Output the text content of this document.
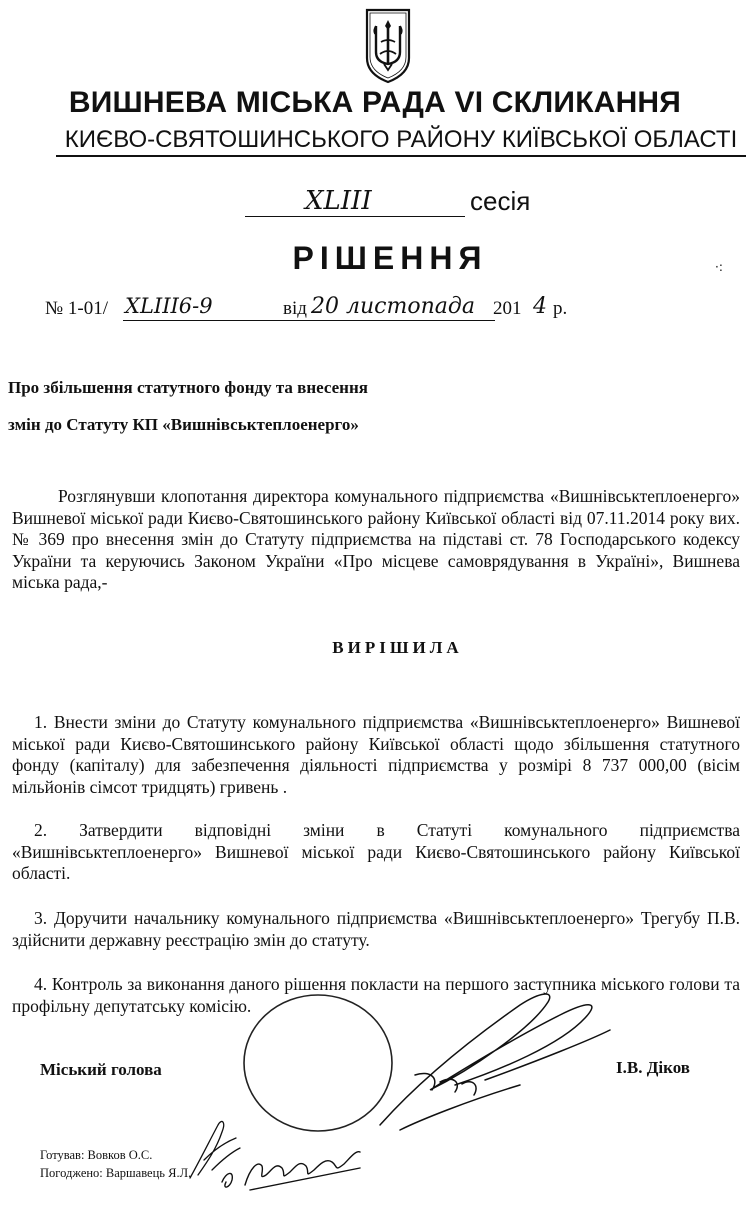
ВИШНЕВА МІСЬКА РАДА VI СКЛИКАННЯ
КИЄВО-СВЯТОШИНСЬКОГО РАЙОНУ КИЇВСЬКОЇ ОБЛАСТІ
XLIII	сесія
РІШЕННЯ	·:
№ 1-01/ XLIII6-9	від 20 листопада 201 4 р.
Про збільшення статутного фонду та внесення
змін до Статуту КП «Вишнівськтеплоенерго»

Розглянувши клопотання директора комунального підприємства «Вишнівськтеплоенерго» Вишневої міської ради Києво-Святошинського району Київської області від 07.11.2014 року вих. № 369 про внесення змін до Статуту підприємства на підставі ст. 78 Господарського кодексу України та керуючись Законом України «Про місцеве самоврядування в Україні», Вишнева міська рада,-

ВИРІШИЛА

1. Внести зміни до Статуту комунального підприємства «Вишнівськтеплоенерго» Вишневої міської ради Києво-Святошинського району Київської області щодо збільшення статутного фонду (капіталу) для забезпечення діяльності підприємства у розмірі 8 737 000,00 (вісім мільйонів сімсот тридцять) гривень .

2. Затвердити відповідні зміни в Статуті комунального підприємства «Вишнівськтеплоенерго» Вишневої міської ради Києво-Святошинського району Київської області.

3. Доручити начальнику комунального підприємства «Вишнівськтеплоенерго» Трегубу П.В. здійснити державну реєстрацію змін до статуту.

4. Контроль за виконання даного рішення покласти на першого заступника міського голови та профільну депутатську комісію.

Міський голова	І.В. Діков
Готував: Вовков О.С.
Погоджено: Варшавець Я.Л.
